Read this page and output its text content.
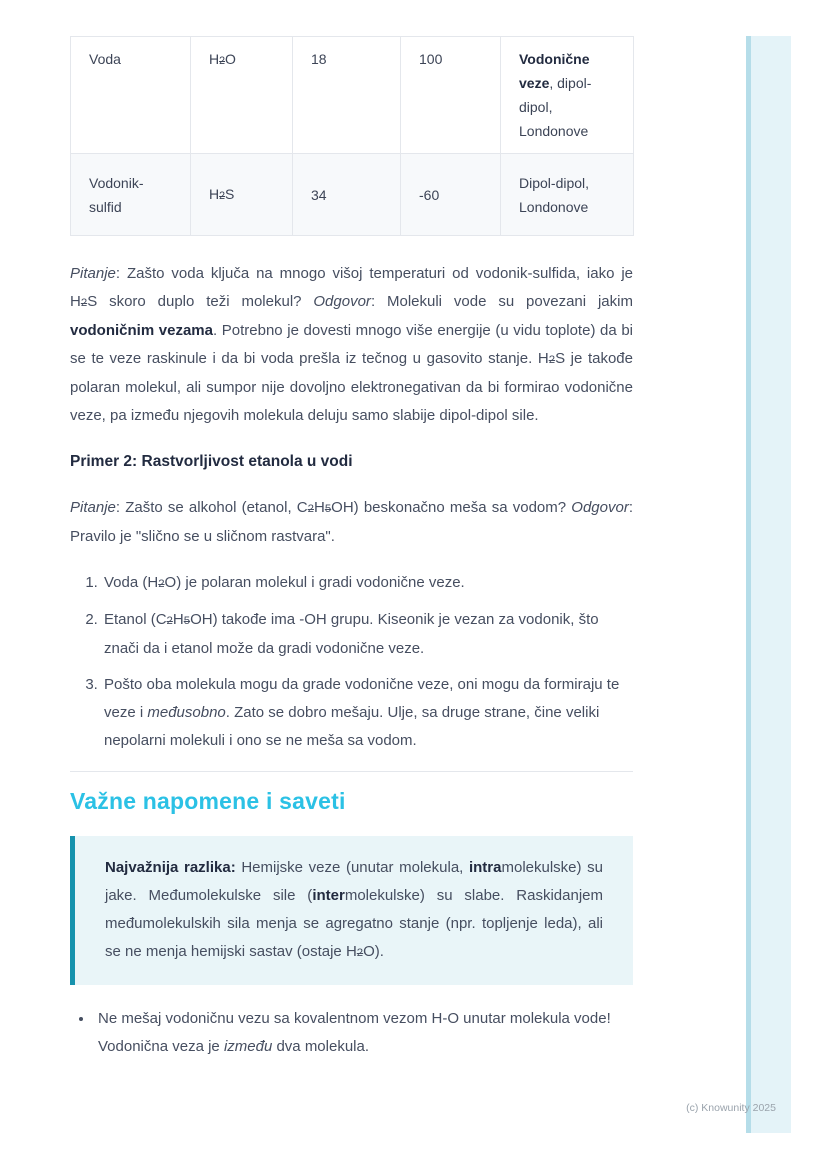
Voda	H2O	18	100	Vodonične veze, dipol-dipol, Londonove
Vodonik-sulfid	H2S	34	-60	Dipol-dipol, Londonove

Pitanje: Zašto voda ključa na mnogo višoj temperaturi od vodonik-sulfida, iako je H2S skoro duplo teži molekul? Odgovor: Molekuli vode su povezani jakim vodoničnim vezama. Potrebno je dovesti mnogo više energije (u vidu toplote) da bi se te veze raskinule i da bi voda prešla iz tečnog u gasovito stanje. H2S je takođe polaran molekul, ali sumpor nije dovoljno elektronegativan da bi formirao vodonične veze, pa između njegovih molekula deluju samo slabije dipol-dipol sile.

Primer 2: Rastvorljivost etanola u vodi

Pitanje: Zašto se alkohol (etanol, C2H5OH) beskonačno meša sa vodom? Odgovor: Pravilo je "slično se u sličnom rastvara".

1. Voda (H2O) je polaran molekul i gradi vodonične veze.
2. Etanol (C2H5OH) takođe ima -OH grupu. Kiseonik je vezan za vodonik, što znači da i etanol može da gradi vodonične veze.
3. Pošto oba molekula mogu da grade vodonične veze, oni mogu da formiraju te veze i međusobno. Zato se dobro mešaju. Ulje, sa druge strane, čine veliki nepolarni molekuli i ono se ne meša sa vodom.
Važne napomene i saveti

Najvažnija razlika: Hemijske veze (unutar molekula, intramolekulske) su jake. Međumolekulske sile (intermolekulske) su slabe. Raskidanjem međumolekulskih sila menja se agregatno stanje (npr. topljenje leda), ali se ne menja hemijski sastav (ostaje H2O).

• Ne mešaj vodoničnu vezu sa kovalentnom vezom H-O unutar molekula vode! Vodonična veza je između dva molekula.
(c) Knowunity 2025
